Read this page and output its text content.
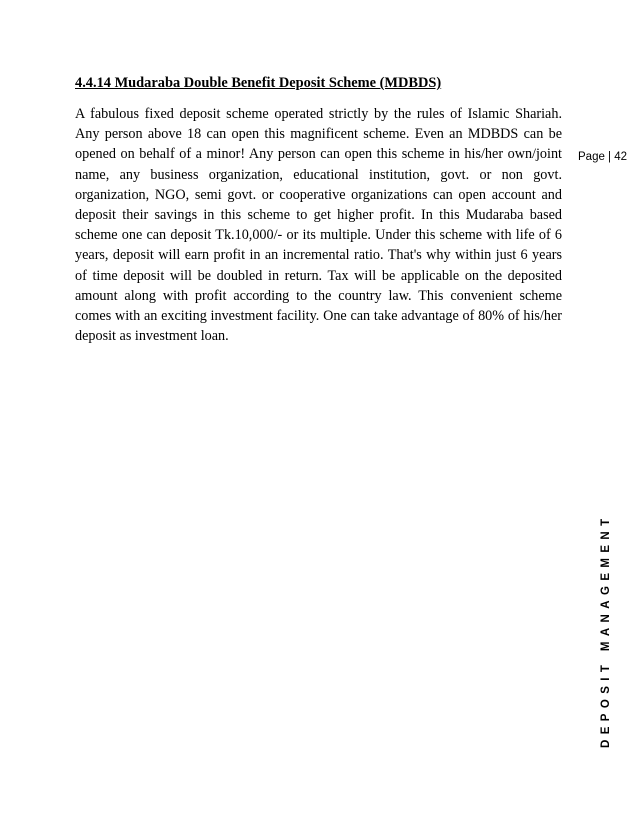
4.4.14 Mudaraba Double Benefit Deposit Scheme (MDBDS)

A fabulous fixed deposit scheme operated strictly by the rules of Islamic Shariah. Any person above 18 can open this magnificent scheme. Even an MDBDS can be opened on behalf of a minor! Any person can open this scheme in his/her own/joint name, any business organization, educational institution, govt. or non govt. organization, NGO, semi govt. or cooperative organizations can open account and deposit their savings in this scheme to get higher profit. In this Mudaraba based scheme one can deposit Tk.10,000/- or its multiple. Under this scheme with life of 6 years, deposit will earn profit in an incremental ratio. That's why within just 6 years of time deposit will be doubled in return. Tax will be applicable on the deposited amount along with profit according to the country law. This convenient scheme comes with an exciting investment facility. One can take advantage of 80% of his/her deposit as investment loan.

Page | 42
DEPOSIT MANAGEMENT
